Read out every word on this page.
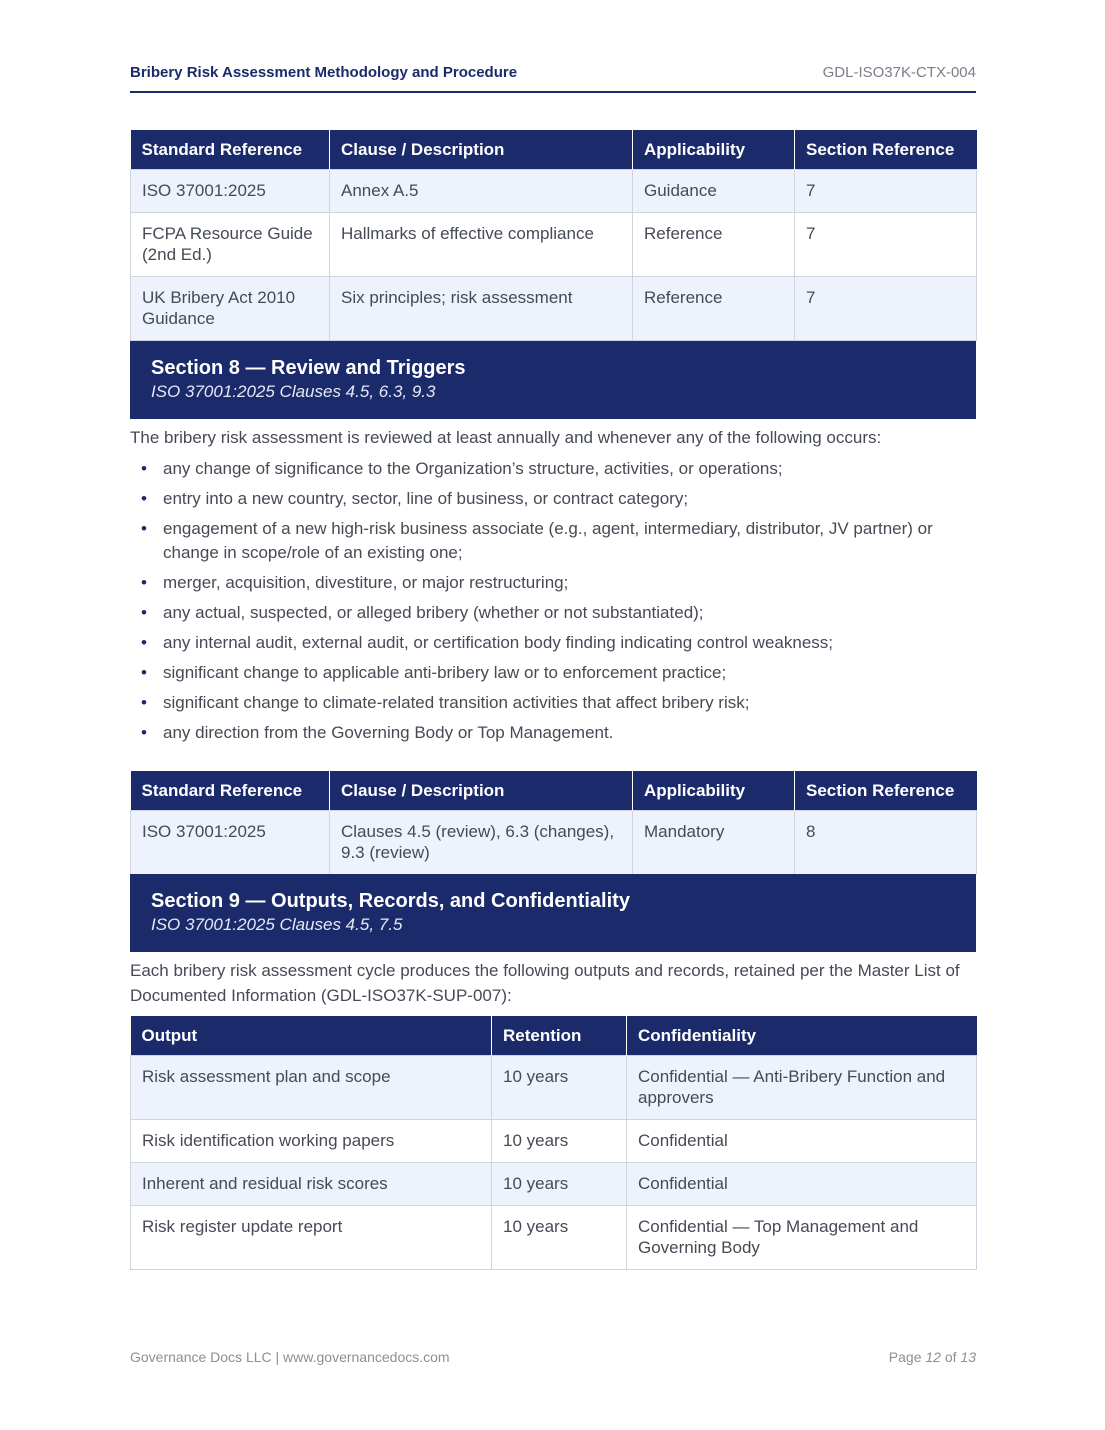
Bribery Risk Assessment Methodology and Procedure	GDL-ISO37K-CTX-004
Standard Reference	Clause / Description	Applicability	Section Reference
ISO 37001:2025	Annex A.5	Guidance	7
FCPA Resource Guide (2nd Ed.)	Hallmarks of effective compliance	Reference	7
UK Bribery Act 2010 Guidance	Six principles; risk assessment	Reference	7
Section 8 — Review and Triggers
ISO 37001:2025 Clauses 4.5, 6.3, 9.3

The bribery risk assessment is reviewed at least annually and whenever any of the following occurs:

• any change of significance to the Organization’s structure, activities, or operations;
• entry into a new country, sector, line of business, or contract category;
• engagement of a new high-risk business associate (e.g., agent, intermediary, distributor, JV partner) or change in scope/role of an existing one;
• merger, acquisition, divestiture, or major restructuring;
• any actual, suspected, or alleged bribery (whether or not substantiated);
• any internal audit, external audit, or certification body finding indicating control weakness;
• significant change to applicable anti-bribery law or to enforcement practice;
• significant change to climate-related transition activities that affect bribery risk;
• any direction from the Governing Body or Top Management.
Standard Reference	Clause / Description	Applicability	Section Reference
ISO 37001:2025	Clauses 4.5 (review), 6.3 (changes), 9.3 (review)	Mandatory	8
Section 9 — Outputs, Records, and Confidentiality
ISO 37001:2025 Clauses 4.5, 7.5

Each bribery risk assessment cycle produces the following outputs and records, retained per the Master List of Documented Information (GDL-ISO37K-SUP-007):

Output	Retention	Confidentiality
Risk assessment plan and scope	10 years	Confidential — Anti-Bribery Function and approvers
Risk identification working papers	10 years	Confidential
Inherent and residual risk scores	10 years	Confidential
Risk register update report	10 years	Confidential — Top Management and Governing Body
Governance Docs LLC | www.governancedocs.com	Page 12 of 13
